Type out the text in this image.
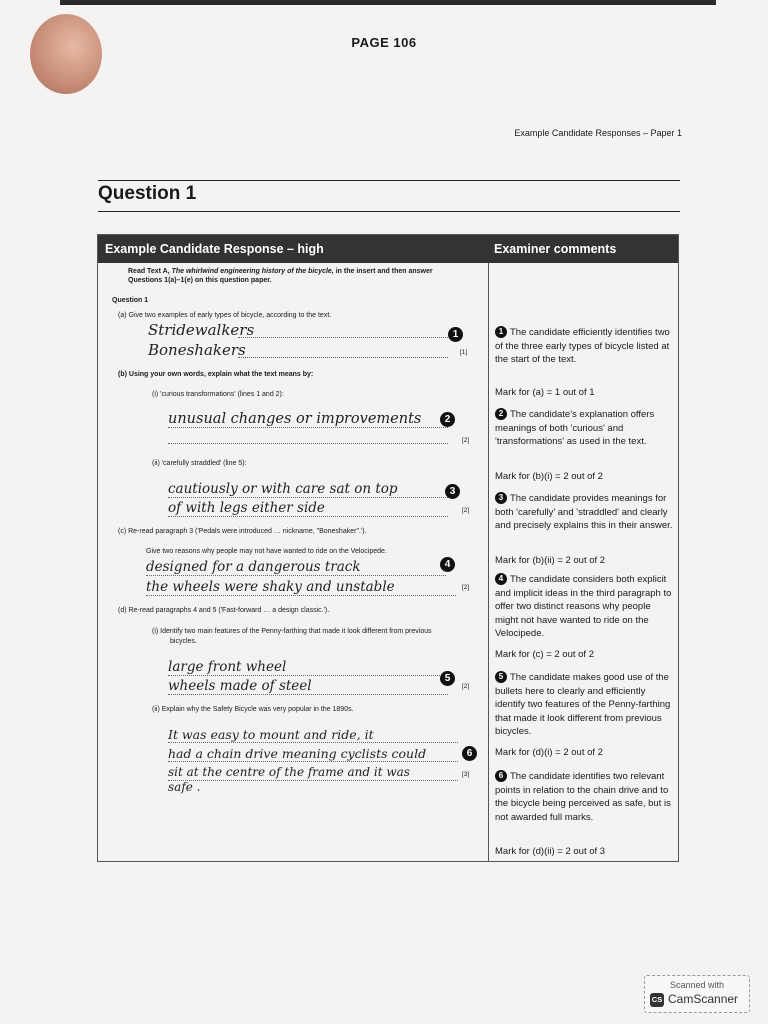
PAGE 106
Example Candidate Responses – Paper 1
Question 1
Example Candidate Response – high	Examiner comments
Read Text A, The whirlwind engineering history of the bicycle, in the insert and then answer
Questions 1(a)–1(e) on this question paper.
Question 1
(a) Give two examples of early types of bicycle, according to the text.
Stridewalkers	1
Boneshakers	[1]
(b) Using your own words, explain what the text means by:
(i) 'curious transformations' (lines 1 and 2):
unusual changes or improvements	2
[2]
(ii) 'carefully straddled' (line 5):
cautiously or with care sat on top	3
of with legs either side	[2]
(c) Re-read paragraph 3 ('Pedals were introduced … nickname, "Boneshaker".').
Give two reasons why people may not have wanted to ride on the Velocipede.
designed for a dangerous track	4
the wheels were shaky and unstable	[2]
(d) Re-read paragraphs 4 and 5 ('Fast-forward … a design classic.').
(i) Identify two main features of the Penny-farthing that made it look different from previous
bicycles.
large front wheel
wheels made of steel	5
[2]
(ii) Explain why the Safety Bicycle was very popular in the 1890s.
It was easy to mount and ride, it
had a chain drive meaning cyclists could	6
sit at the centre of the frame and it was	[3]
safe .
1 The candidate efficiently identifies two of the three early types of bicycle listed at the start of the text.
Mark for (a) = 1 out of 1
2 The candidate's explanation offers meanings of both 'curious' and 'transformations' as used in the text.
Mark for (b)(i) = 2 out of 2
3 The candidate provides meanings for both 'carefully' and 'straddled' and clearly and precisely explains this in their answer.
Mark for (b)(ii) = 2 out of 2
4 The candidate considers both explicit and implicit ideas in the third paragraph to offer two distinct reasons why people might not have wanted to ride on the Velocipede.
Mark for (c) = 2 out of 2
5 The candidate makes good use of the bullets here to clearly and efficiently identify two features of the Penny-farthing that made it look different from previous bicycles.
Mark for (d)(i) = 2 out of 2
6 The candidate identifies two relevant points in relation to the chain drive and to the bicycle being perceived as safe, but is not awarded full marks.
Mark for (d)(ii) = 2 out of 3
Scanned with
CS CamScanner
